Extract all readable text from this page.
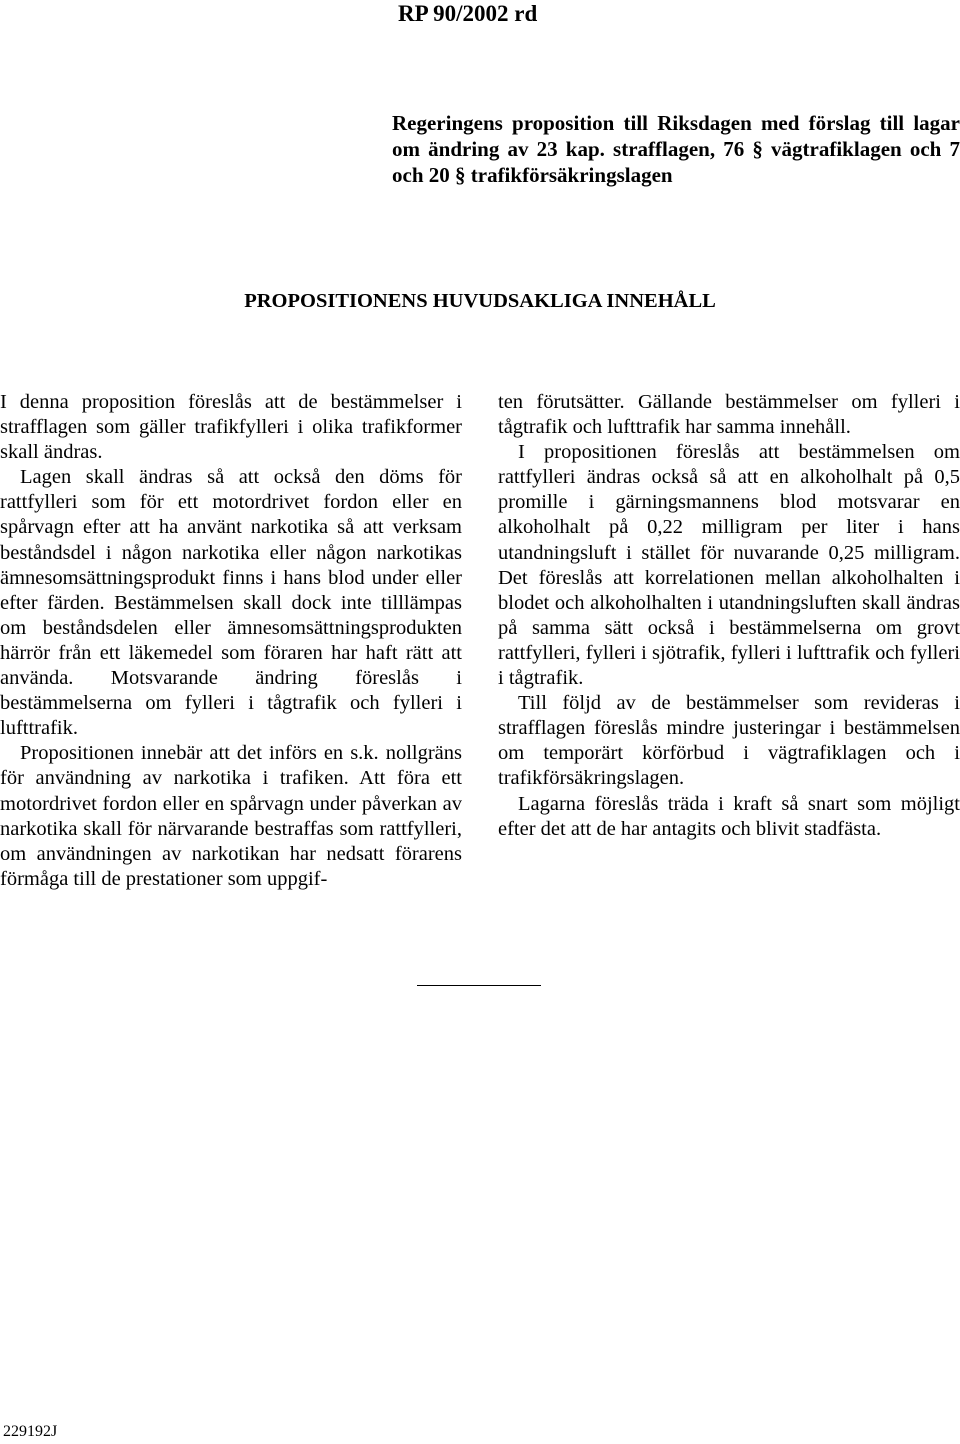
RP 90/2002 rd
Regeringens proposition till Riksdagen med förslag till lagar om ändring av 23 kap. strafflagen, 76 § vägtrafiklagen och 7 och 20 § trafikförsäkringslagen
PROPOSITIONENS HUVUDSAKLIGA INNEHÅLL

I denna proposition föreslås att de bestämmelser i strafflagen som gäller trafikfylleri i olika trafikformer skall ändras.

Lagen skall ändras så att också den döms för rattfylleri som för ett motordrivet fordon eller en spårvagn efter att ha använt narkotika så att verksam beståndsdel i någon narkotika eller någon narkotikas ämnesomsättningsprodukt finns i hans blod under eller efter färden. Bestämmelsen skall dock inte tilllämpas om beståndsdelen eller ämnesomsättningsprodukten härrör från ett läkemedel som föraren har haft rätt att använda. Motsvarande ändring föreslås i bestämmelserna om fylleri i tågtrafik och fylleri i lufttrafik.

Propositionen innebär att det införs en s.k. nollgräns för användning av narkotika i trafiken. Att föra ett motordrivet fordon eller en spårvagn under påverkan av narkotika skall för närvarande bestraffas som rattfylleri, om användningen av narkotikan har nedsatt förarens förmåga till de prestationer som uppgif-

ten förutsätter. Gällande bestämmelser om fylleri i tågtrafik och lufttrafik har samma innehåll.

I propositionen föreslås att bestämmelsen om rattfylleri ändras också så att en alkoholhalt på 0,5 promille i gärningsmannens blod motsvarar en alkoholhalt på 0,22 milligram per liter i hans utandningsluft i stället för nuvarande 0,25 milligram. Det föreslås att korrelationen mellan alkoholhalten i blodet och alkoholhalten i utandningsluften skall ändras på samma sätt också i bestämmelserna om grovt rattfylleri, fylleri i sjötrafik, fylleri i lufttrafik och fylleri i tågtrafik.

Till följd av de bestämmelser som revideras i strafflagen föreslås mindre justeringar i bestämmelsen om temporärt körförbud i vägtrafiklagen och i trafikförsäkringslagen.

Lagarna föreslås träda i kraft så snart som möjligt efter det att de har antagits och blivit stadfästa.

229192J
